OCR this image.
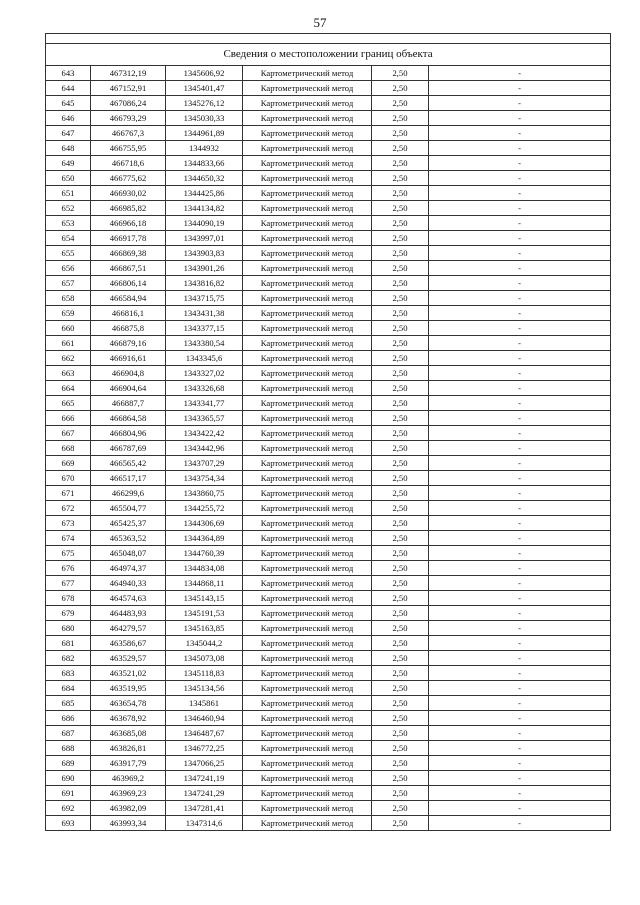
57

Сведения о местоположении границ объекта					
643	467312,19	1345606,92	Картометрический метод	2,50	-
644	467152,91	1345401,47	Картометрический метод	2,50	-
645	467086,24	1345276,12	Картометрический метод	2,50	-
646	466793,29	1345030,33	Картометрический метод	2,50	-
647	466767,3	1344961,89	Картометрический метод	2,50	-
648	466755,95	1344932	Картометрический метод	2,50	-
649	466718,6	1344833,66	Картометрический метод	2,50	-
650	466775,62	1344650,32	Картометрический метод	2,50	-
651	466930,02	1344425,86	Картометрический метод	2,50	-
652	466985,82	1344134,82	Картометрический метод	2,50	-
653	466966,18	1344090,19	Картометрический метод	2,50	-
654	466917,78	1343997,01	Картометрический метод	2,50	-
655	466869,38	1343903,83	Картометрический метод	2,50	-
656	466867,51	1343901,26	Картометрический метод	2,50	-
657	466806,14	1343816,82	Картометрический метод	2,50	-
658	466584,94	1343715,75	Картометрический метод	2,50	-
659	466816,1	1343431,38	Картометрический метод	2,50	-
660	466875,8	1343377,15	Картометрический метод	2,50	-
661	466879,16	1343380,54	Картометрический метод	2,50	-
662	466916,61	1343345,6	Картометрический метод	2,50	-
663	466904,8	1343327,02	Картометрический метод	2,50	-
664	466904,64	1343326,68	Картометрический метод	2,50	-
665	466887,7	1343341,77	Картометрический метод	2,50	-
666	466864,58	1343365,57	Картометрический метод	2,50	-
667	466804,96	1343422,42	Картометрический метод	2,50	-
668	466787,69	1343442,96	Картометрический метод	2,50	-
669	466565,42	1343707,29	Картометрический метод	2,50	-
670	466517,17	1343754,34	Картометрический метод	2,50	-
671	466299,6	1343860,75	Картометрический метод	2,50	-
672	465504,77	1344255,72	Картометрический метод	2,50	-
673	465425,37	1344306,69	Картометрический метод	2,50	-
674	465363,52	1344364,89	Картометрический метод	2,50	-
675	465048,07	1344760,39	Картометрический метод	2,50	-
676	464974,37	1344834,08	Картометрический метод	2,50	-
677	464940,33	1344868,11	Картометрический метод	2,50	-
678	464574,63	1345143,15	Картометрический метод	2,50	-
679	464483,93	1345191,53	Картометрический метод	2,50	-
680	464279,57	1345163,85	Картометрический метод	2,50	-
681	463586,67	1345044,2	Картометрический метод	2,50	-
682	463529,57	1345073,08	Картометрический метод	2,50	-
683	463521,02	1345118,83	Картометрический метод	2,50	-
684	463519,95	1345134,56	Картометрический метод	2,50	-
685	463654,78	1345861	Картометрический метод	2,50	-
686	463678,92	1346460,94	Картометрический метод	2,50	-
687	463685,08	1346487,67	Картометрический метод	2,50	-
688	463826,81	1346772,25	Картометрический метод	2,50	-
689	463917,79	1347066,25	Картометрический метод	2,50	-
690	463969,2	1347241,19	Картометрический метод	2,50	-
691	463969,23	1347241,29	Картометрический метод	2,50	-
692	463982,09	1347281,41	Картометрический метод	2,50	-
693	463993,34	1347314,6	Картометрический метод	2,50	-
